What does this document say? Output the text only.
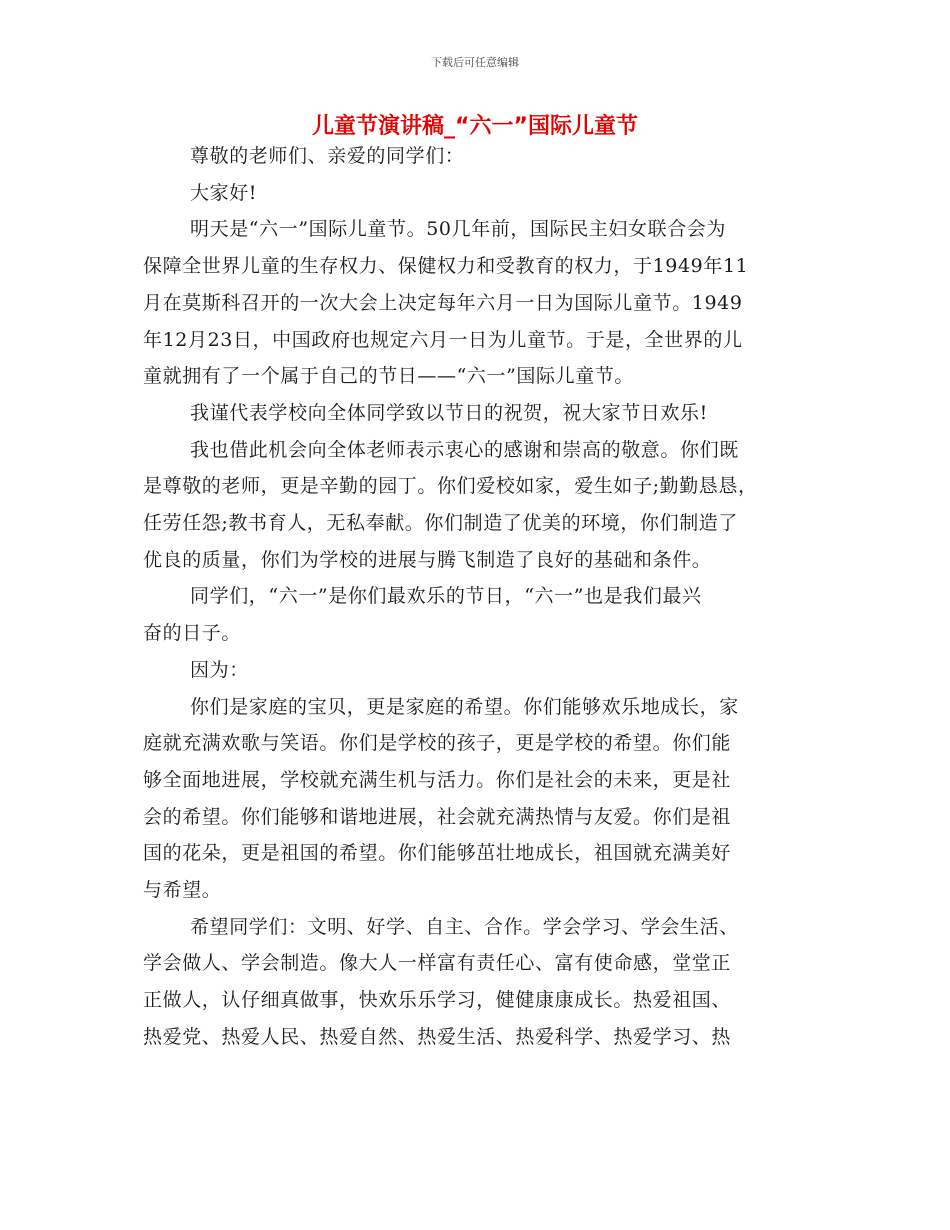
下载后可任意编辑
儿童节演讲稿_“六一”国际儿童节
尊敬的老师们、亲爱的同学们：
大家好!
明天是“六一”国际儿童节。50几年前，国际民主妇女联合会为
保障全世界儿童的生存权力、保健权力和受教育的权力，于1949年11
月在莫斯科召开的一次大会上决定每年六月一日为国际儿童节。1949
年12月23日，中国政府也规定六月一日为儿童节。于是，全世界的儿
童就拥有了一个属于自己的节日——“六一”国际儿童节。
我谨代表学校向全体同学致以节日的祝贺，祝大家节日欢乐!
我也借此机会向全体老师表示衷心的感谢和崇高的敬意。你们既
是尊敬的老师，更是辛勤的园丁。你们爱校如家，爱生如子;勤勤恳恳，
任劳任怨;教书育人，无私奉献。你们制造了优美的环境，你们制造了
优良的质量，你们为学校的进展与腾飞制造了良好的基础和条件。
同学们，“六一”是你们最欢乐的节日，“六一”也是我们最兴
奋的日子。
因为：
你们是家庭的宝贝，更是家庭的希望。你们能够欢乐地成长，家
庭就充满欢歌与笑语。你们是学校的孩子，更是学校的希望。你们能
够全面地进展，学校就充满生机与活力。你们是社会的未来，更是社
会的希望。你们能够和谐地进展，社会就充满热情与友爱。你们是祖
国的花朵，更是祖国的希望。你们能够茁壮地成长，祖国就充满美好
与希望。
希望同学们：文明、好学、自主、合作。学会学习、学会生活、
学会做人、学会制造。像大人一样富有责任心、富有使命感，堂堂正
正做人，认仔细真做事，快欢乐乐学习，健健康康成长。热爱祖国、
热爱党、热爱人民、热爱自然、热爱生活、热爱科学、热爱学习、热
